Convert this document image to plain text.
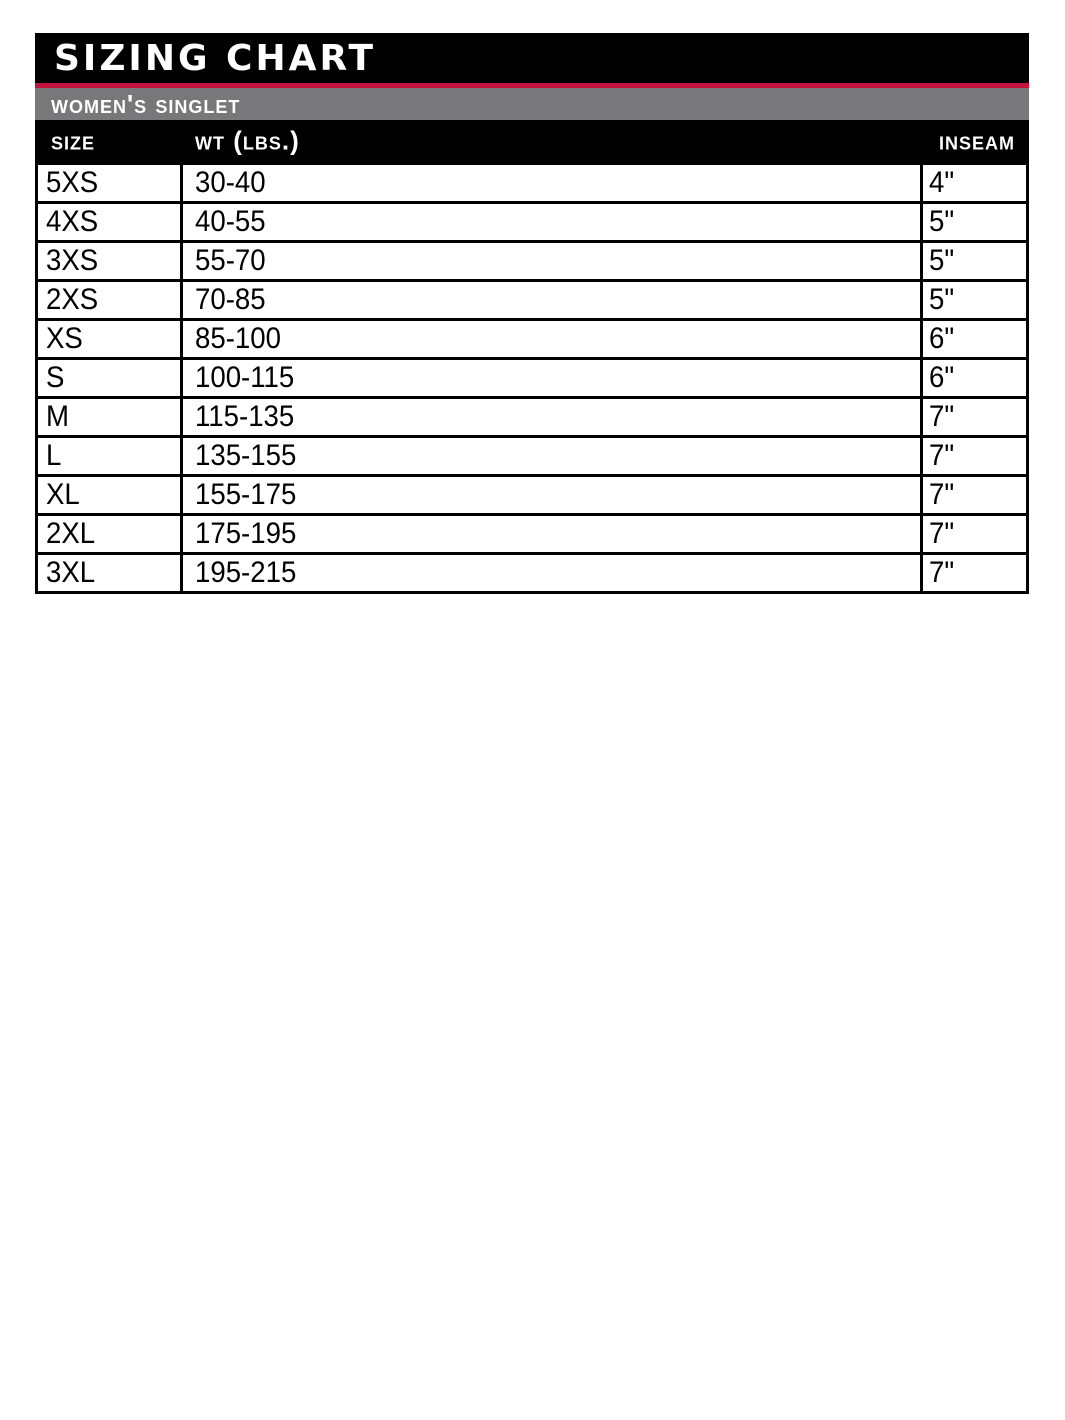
SIZING CHART
women's singlet
size	wt (lbs.)	inseam
5XS	30-40	4"
4XS	40-55	5"
3XS	55-70	5"
2XS	70-85	5"
XS	85-100	6"
S	100-115	6"
M	115-135	7"
L	135-155	7"
XL	155-175	7"
2XL	175-195	7"
3XL	195-215	7"
